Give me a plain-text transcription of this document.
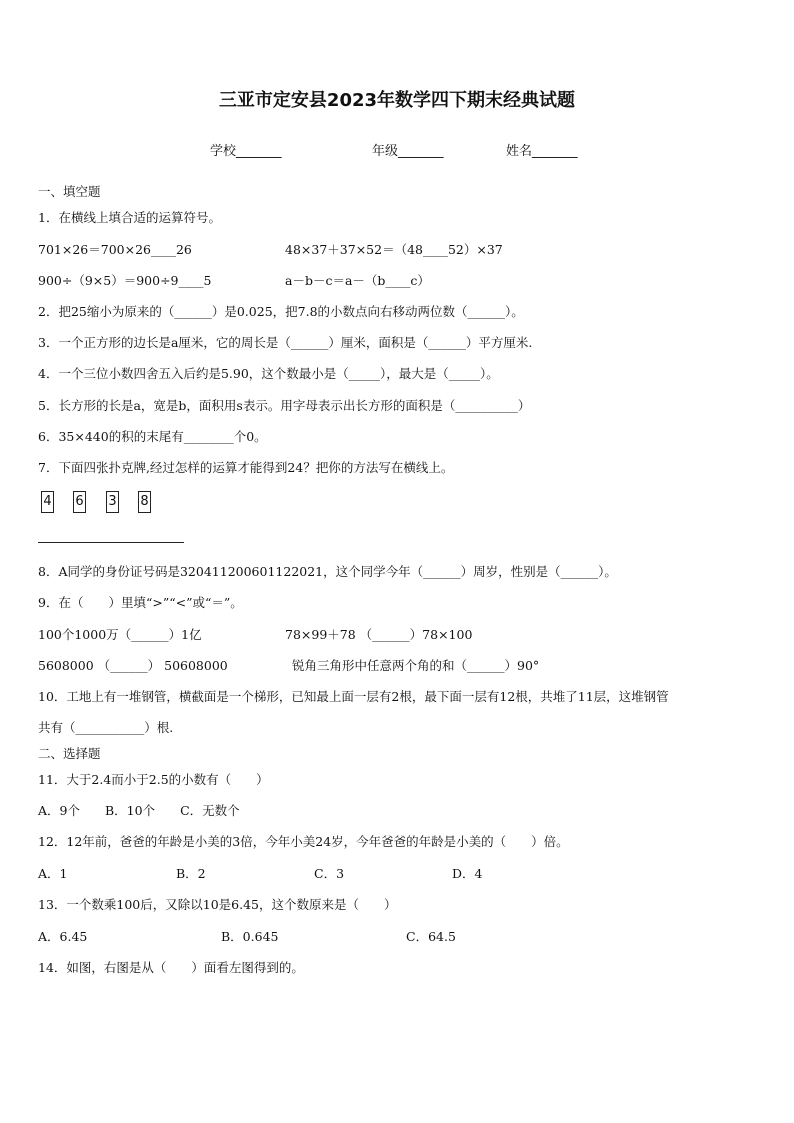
三亚市定安县2023年数学四下期末经典试题
学校_______	年级_______	姓名_______
一、填空题
1．在横线上填合适的运算符号。
701×26＝700×26____26	48×37＋37×52＝（48____52）×37
900÷（9×5）＝900÷9____5	a－b－c＝a－（b____c）
2．把25缩小为原来的（______）是0.025，把7.8的小数点向右移动两位数（______）。
3．一个正方形的边长是a厘米，它的周长是（______）厘米，面积是（______）平方厘米.
4．一个三位小数四舍五入后约是5.90，这个数最小是（_____），最大是（_____）。
5．长方形的长是a，宽是b，面积用s表示。用字母表示出长方形的面积是（__________）
6．35×440的积的末尾有________个0。
7．下面四张扑克牌,经过怎样的运算才能得到24？把你的方法写在横线上。
4 6 3 8
8．A同学的身份证号码是320411200601122021，这个同学今年（______）周岁，性别是（______）。
9．在（　　）里填“>”“<”或“＝”。
100个1000万（______）1亿	78×99＋78 （______）78×100
5608000 （______） 50608000	锐角三角形中任意两个角的和（______）90°
10．工地上有一堆钢管，横截面是一个梯形，已知最上面一层有2根，最下面一层有12根，共堆了11层，这堆钢管
共有（___________）根.
二、选择题
11．大于2.4而小于2.5的小数有（　　）
A．9个　　B．10个　　C．无数个
12．12年前，爸爸的年龄是小美的3倍，今年小美24岁，今年爸爸的年龄是小美的（　　）倍。
A．1	B．2	C．3	D．4
13．一个数乘100后，又除以10是6.45，这个数原来是（　　）
A．6.45	B．0.645	C．64.5
14．如图，右图是从（　　）面看左图得到的。
